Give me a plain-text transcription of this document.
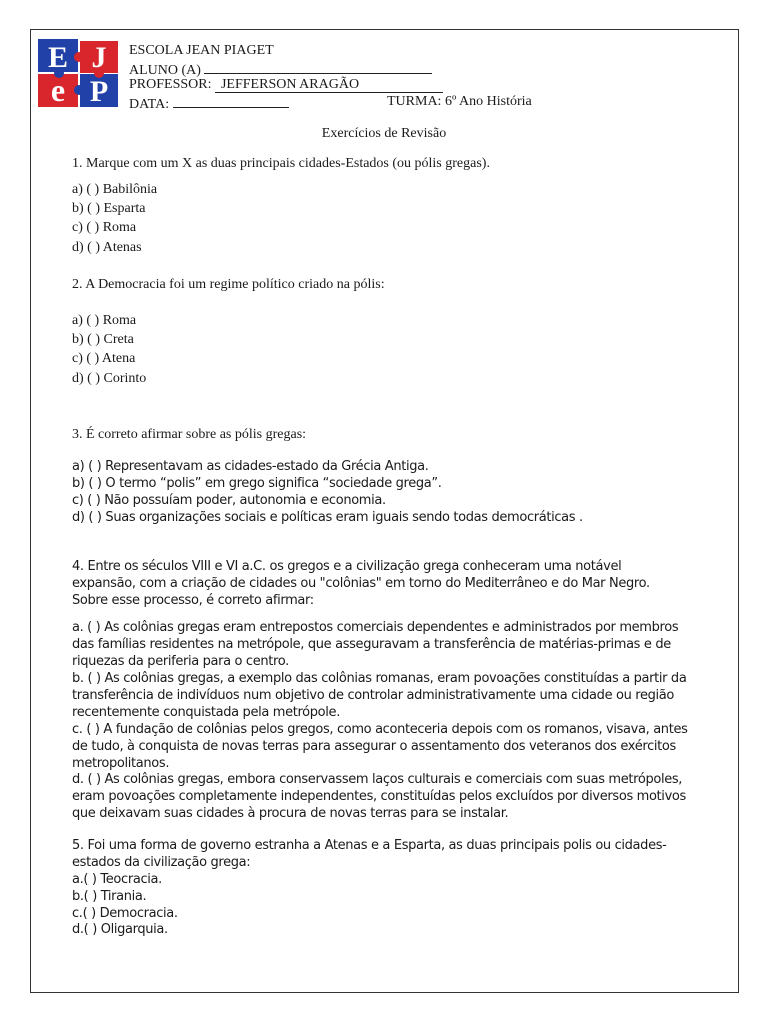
E J
e P
ESCOLA JEAN PIAGET
ALUNO (A)
PROFESSOR: JEFFERSON ARAGÃO
DATA:	TURMA: 6º Ano História
Exercícios de Revisão
1. Marque com um X as duas principais cidades-Estados (ou pólis gregas).
a) ( ) Babilônia
b) ( ) Esparta
c) ( ) Roma
d) ( ) Atenas
2. A Democracia foi um regime político criado na pólis:
a) ( ) Roma
b) ( ) Creta
c) ( ) Atena
d) ( ) Corinto
3. É correto afirmar sobre as pólis gregas:
a) ( ) Representavam as cidades-estado da Grécia Antiga.
b) ( ) O termo “polis” em grego significa “sociedade grega”.
c) ( ) Não possuíam poder, autonomia e economia.
d) ( ) Suas organizações sociais e políticas eram iguais sendo todas democráticas .
4. Entre os séculos VIII e VI a.C. os gregos e a civilização grega conheceram uma notável
expansão, com a criação de cidades ou "colônias" em torno do Mediterrâneo e do Mar Negro.
Sobre esse processo, é correto afirmar:
a. ( ) As colônias gregas eram entrepostos comerciais dependentes e administrados por membros
das famílias residentes na metrópole, que asseguravam a transferência de matérias-primas e de
riquezas da periferia para o centro.
b. ( ) As colônias gregas, a exemplo das colônias romanas, eram povoações constituídas a partir da
transferência de indivíduos num objetivo de controlar administrativamente uma cidade ou região
recentemente conquistada pela metrópole.
c. ( ) A fundação de colônias pelos gregos, como aconteceria depois com os romanos, visava, antes
de tudo, à conquista de novas terras para assegurar o assentamento dos veteranos dos exércitos
metropolitanos.
d. ( ) As colônias gregas, embora conservassem laços culturais e comerciais com suas metrópoles,
eram povoações completamente independentes, constituídas pelos excluídos por diversos motivos
que deixavam suas cidades à procura de novas terras para se instalar.
5. Foi uma forma de governo estranha a Atenas e a Esparta, as duas principais polis ou cidades-
estados da civilização grega:
a.( ) Teocracia.
b.( ) Tirania.
c.( ) Democracia.
d.( ) Oligarquia.
